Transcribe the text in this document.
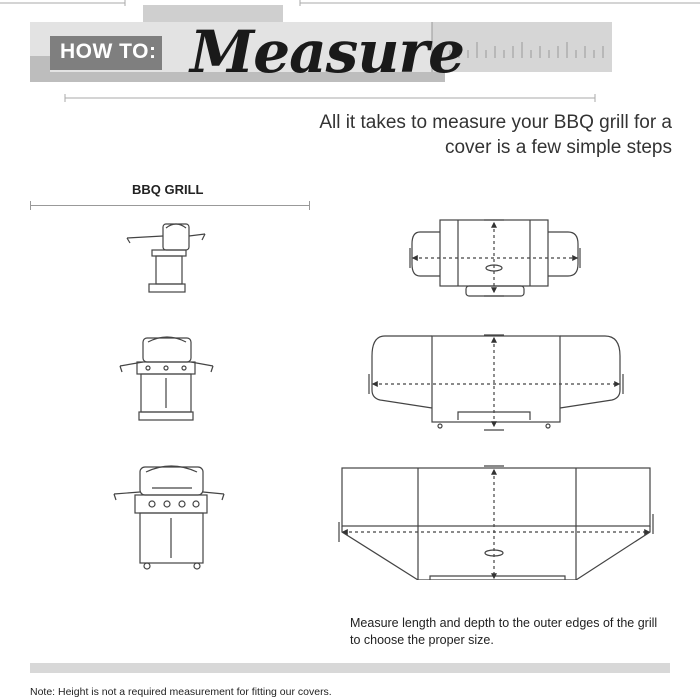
HOW TO: Measure
All it takes to measure your BBQ grill for a
cover is a few simple steps
BBQ GRILL
Measure length and depth to the outer edges of the grill
to choose the proper size.
Note: Height is not a required measurement for fitting our covers.
